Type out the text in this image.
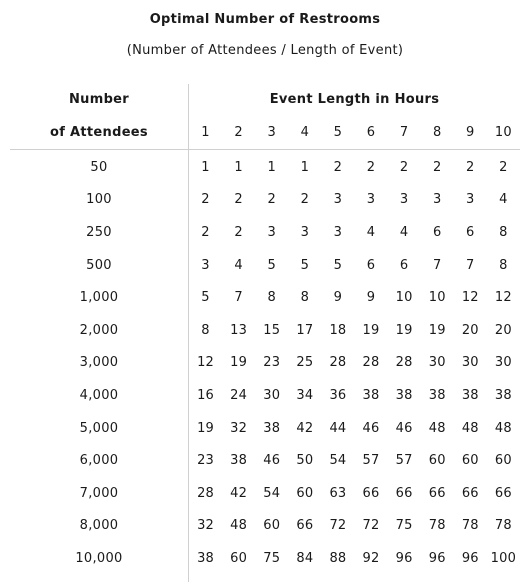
Optimal Number of Restrooms
(Number of Attendees / Length of Event)
Number
of Attendees
Event Length in Hours
1	2	3	4	5	6	7	8	9	10
50	1	1	1	1	2	2	2	2	2	2
100	2	2	2	2	3	3	3	3	3	4
250	2	2	3	3	3	4	4	6	6	8
500	3	4	5	5	5	6	6	7	7	8
1,000	5	7	8	8	9	9	10	10	12	12
2,000	8	13	15	17	18	19	19	19	20	20
3,000	12	19	23	25	28	28	28	30	30	30
4,000	16	24	30	34	36	38	38	38	38	38
5,000	19	32	38	42	44	46	46	48	48	48
6,000	23	38	46	50	54	57	57	60	60	60
7,000	28	42	54	60	63	66	66	66	66	66
8,000	32	48	60	66	72	72	75	78	78	78
10,000	38	60	75	84	88	92	96	96	96 100
